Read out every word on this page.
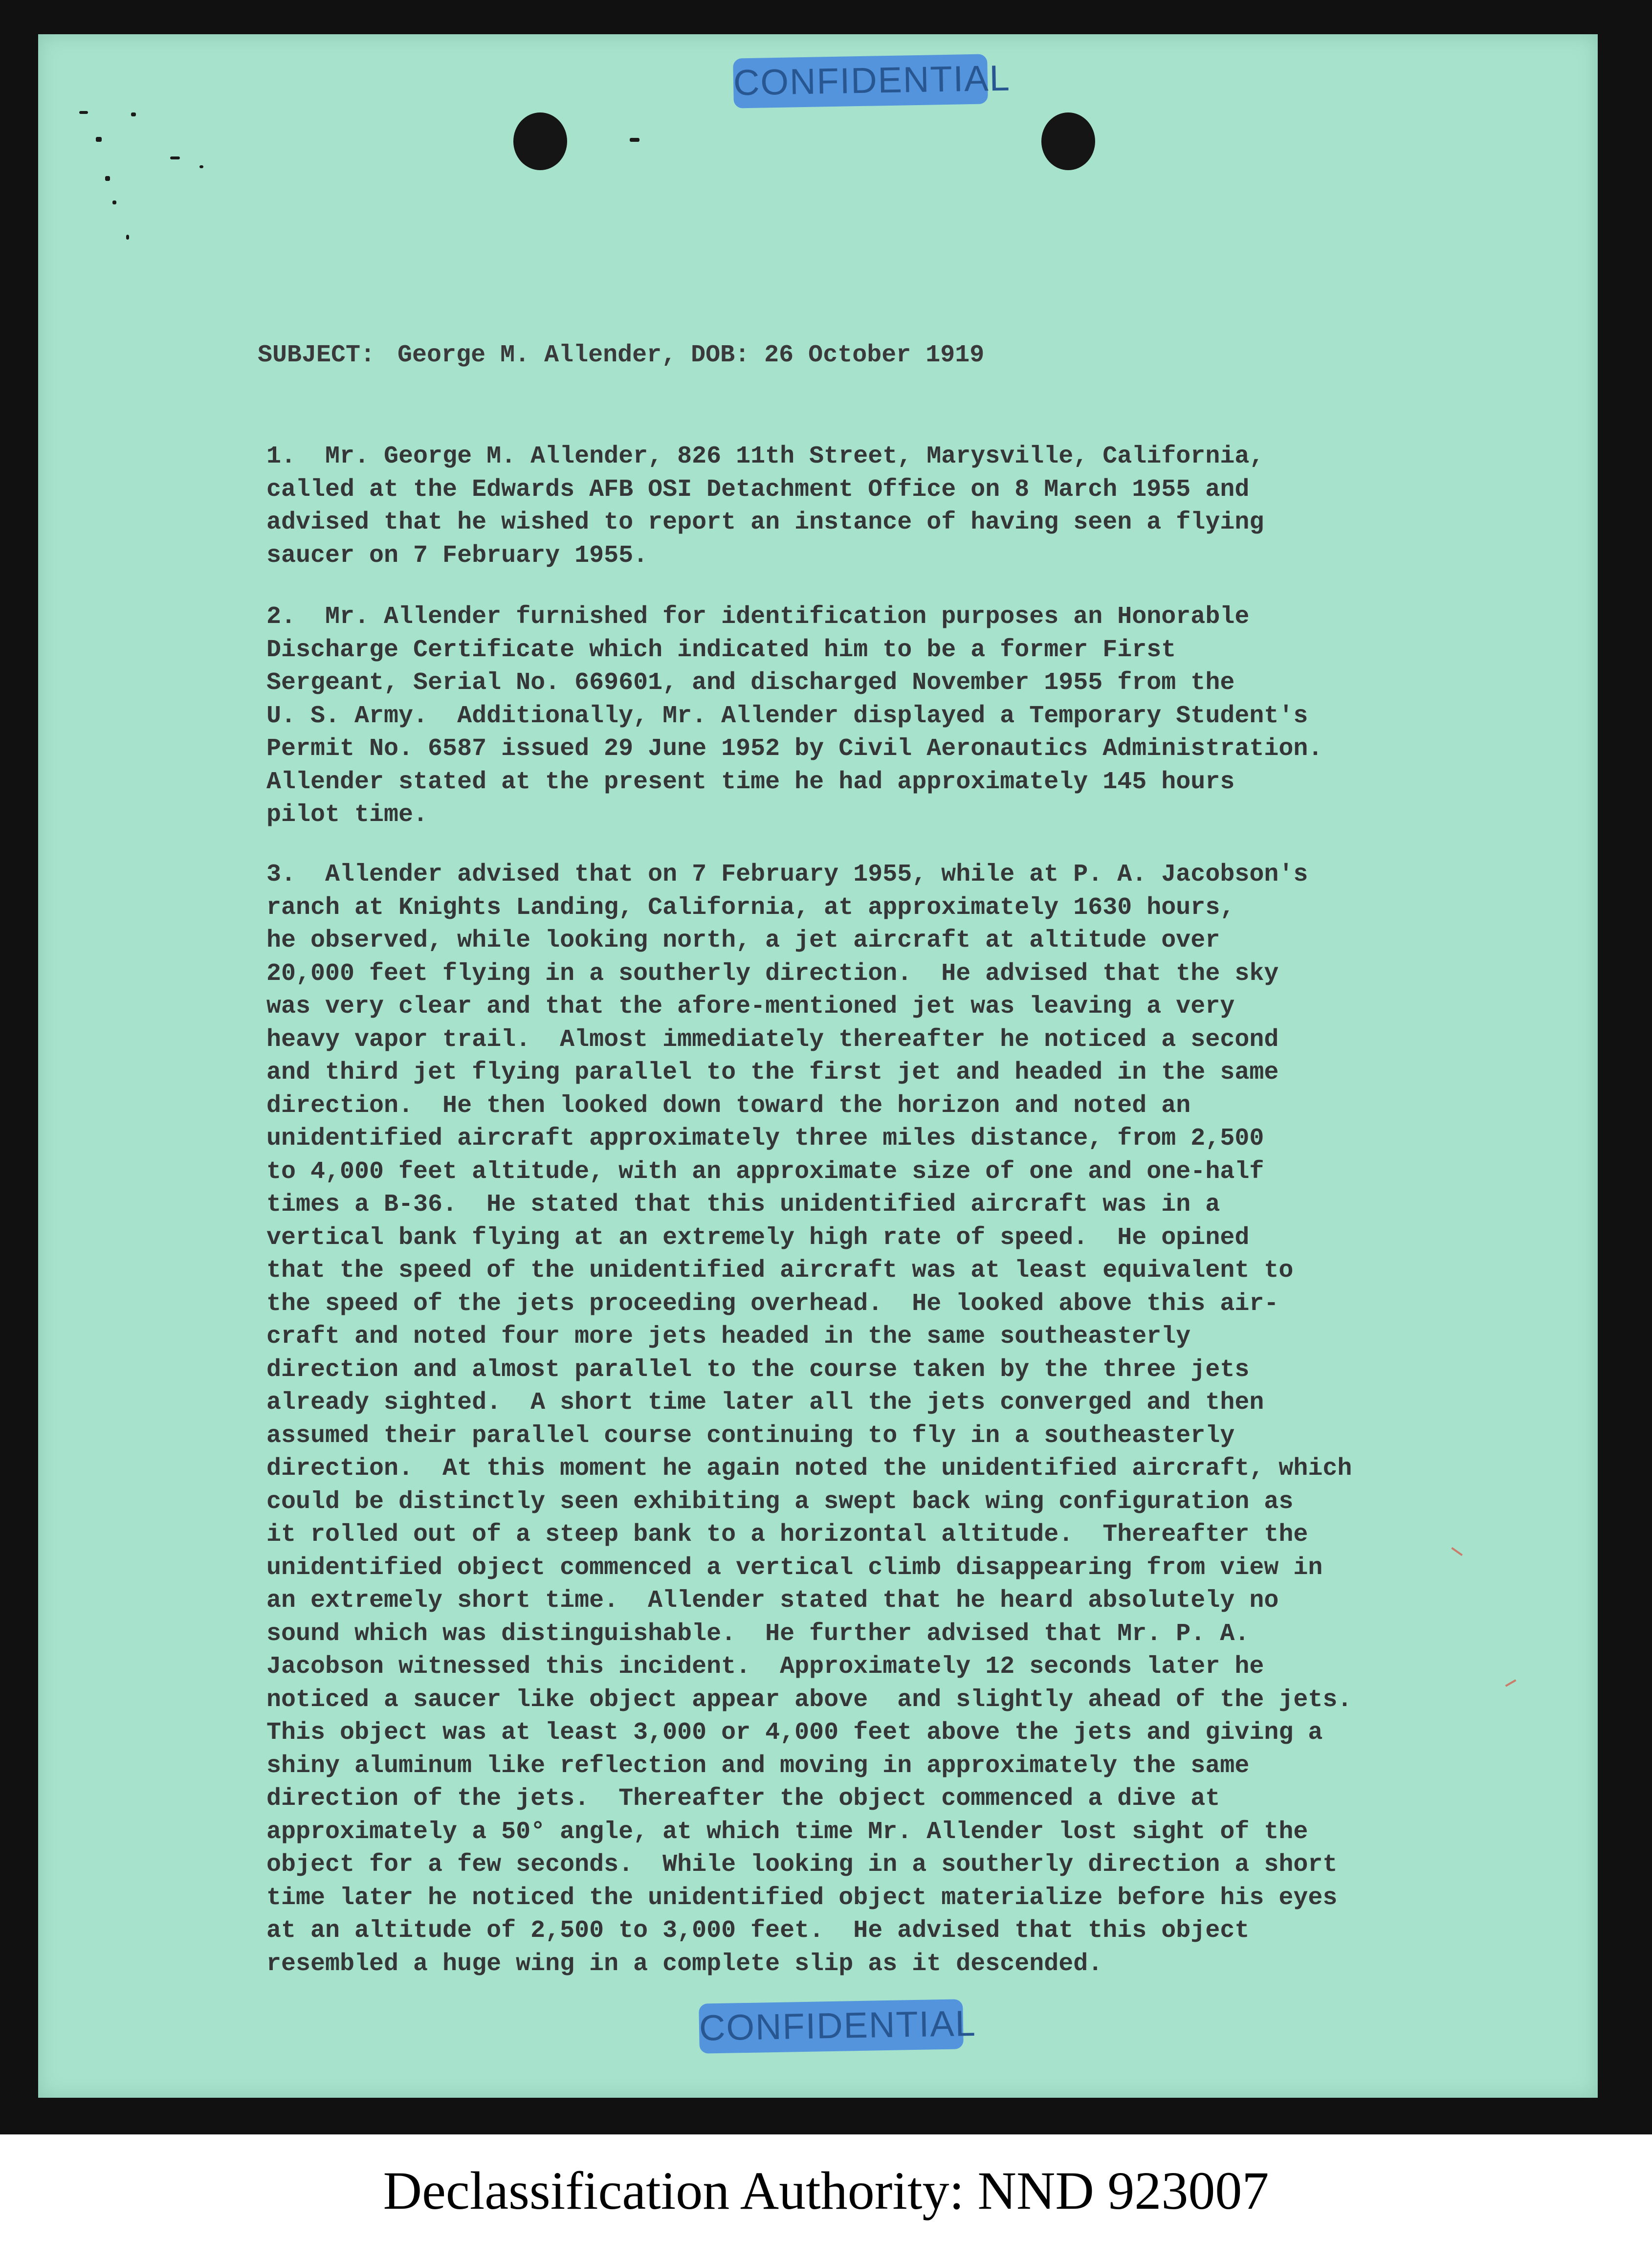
CONFIDENTIAL
SUBJECT: George M. Allender, DOB: 26 October 1919
1.  Mr. George M. Allender, 826 11th Street, Marysville, California,
called at the Edwards AFB OSI Detachment Office on 8 March 1955 and
advised that he wished to report an instance of having seen a flying
saucer on 7 February 1955.
2.  Mr. Allender furnished for identification purposes an Honorable
Discharge Certificate which indicated him to be a former First
Sergeant, Serial No. 669601, and discharged November 1955 from the
U. S. Army.  Additionally, Mr. Allender displayed a Temporary Student's
Permit No. 6587 issued 29 June 1952 by Civil Aeronautics Administration.
Allender stated at the present time he had approximately 145 hours
pilot time.
3.  Allender advised that on 7 February 1955, while at P. A. Jacobson's
ranch at Knights Landing, California, at approximately 1630 hours,
he observed, while looking north, a jet aircraft at altitude over
20,000 feet flying in a southerly direction.  He advised that the sky
was very clear and that the afore-mentioned jet was leaving a very
heavy vapor trail.  Almost immediately thereafter he noticed a second
and third jet flying parallel to the first jet and headed in the same
direction.  He then looked down toward the horizon and noted an
unidentified aircraft approximately three miles distance, from 2,500
to 4,000 feet altitude, with an approximate size of one and one-half
times a B-36.  He stated that this unidentified aircraft was in a
vertical bank flying at an extremely high rate of speed.  He opined
that the speed of the unidentified aircraft was at least equivalent to
the speed of the jets proceeding overhead.  He looked above this air-
craft and noted four more jets headed in the same southeasterly
direction and almost parallel to the course taken by the three jets
already sighted.  A short time later all the jets converged and then
assumed their parallel course continuing to fly in a southeasterly
direction.  At this moment he again noted the unidentified aircraft, which
could be distinctly seen exhibiting a swept back wing configuration as
it rolled out of a steep bank to a horizontal altitude.  Thereafter the
unidentified object commenced a vertical climb disappearing from view in
an extremely short time.  Allender stated that he heard absolutely no
sound which was distinguishable.  He further advised that Mr. P. A.
Jacobson witnessed this incident.  Approximately 12 seconds later he
noticed a saucer like object appear above  and slightly ahead of the jets.
This object was at least 3,000 or 4,000 feet above the jets and giving a
shiny aluminum like reflection and moving in approximately the same
direction of the jets.  Thereafter the object commenced a dive at
approximately a 50° angle, at which time Mr. Allender lost sight of the
object for a few seconds.  While looking in a southerly direction a short
time later he noticed the unidentified object materialize before his eyes
at an altitude of 2,500 to 3,000 feet.  He advised that this object
resembled a huge wing in a complete slip as it descended.
CONFIDENTIAL
Declassification Authority: NND 923007
